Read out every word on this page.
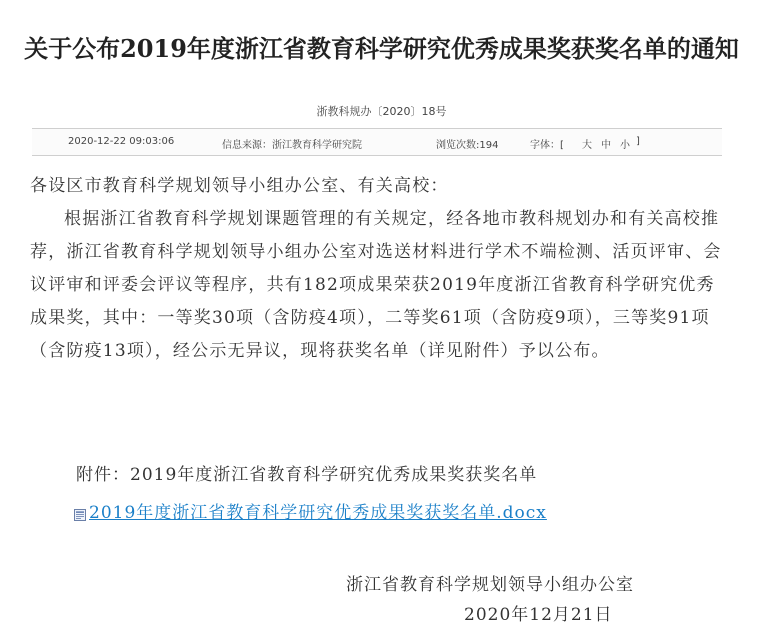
关于公布2019年度浙江省教育科学研究优秀成果奖获奖名单的通知
浙教科规办〔2020〕18号
2020-12-22 09:03:06	信息来源：浙江教育科学研究院	浏览次数:194	字体：[ 大 中 小 ]

各设区市教育科学规划领导小组办公室、有关高校：

根据浙江省教育科学规划课题管理的有关规定，经各地市教科规划办和有关高校推荐，浙江省教育科学规划领导小组办公室对选送材料进行学术不端检测、活页评审、会议评审和评委会评议等程序，共有182项成果荣获2019年度浙江省教育科学研究优秀成果奖，其中：一等奖30项（含防疫4项），二等奖61项（含防疫9项），三等奖91项（含防疫13项），经公示无异议，现将获奖名单（详见附件）予以公布。

附件：2019年度浙江省教育科学研究优秀成果奖获奖名单
2019年度浙江省教育科学研究优秀成果奖获奖名单.docx
浙江省教育科学规划领导小组办公室
2020年12月21日
